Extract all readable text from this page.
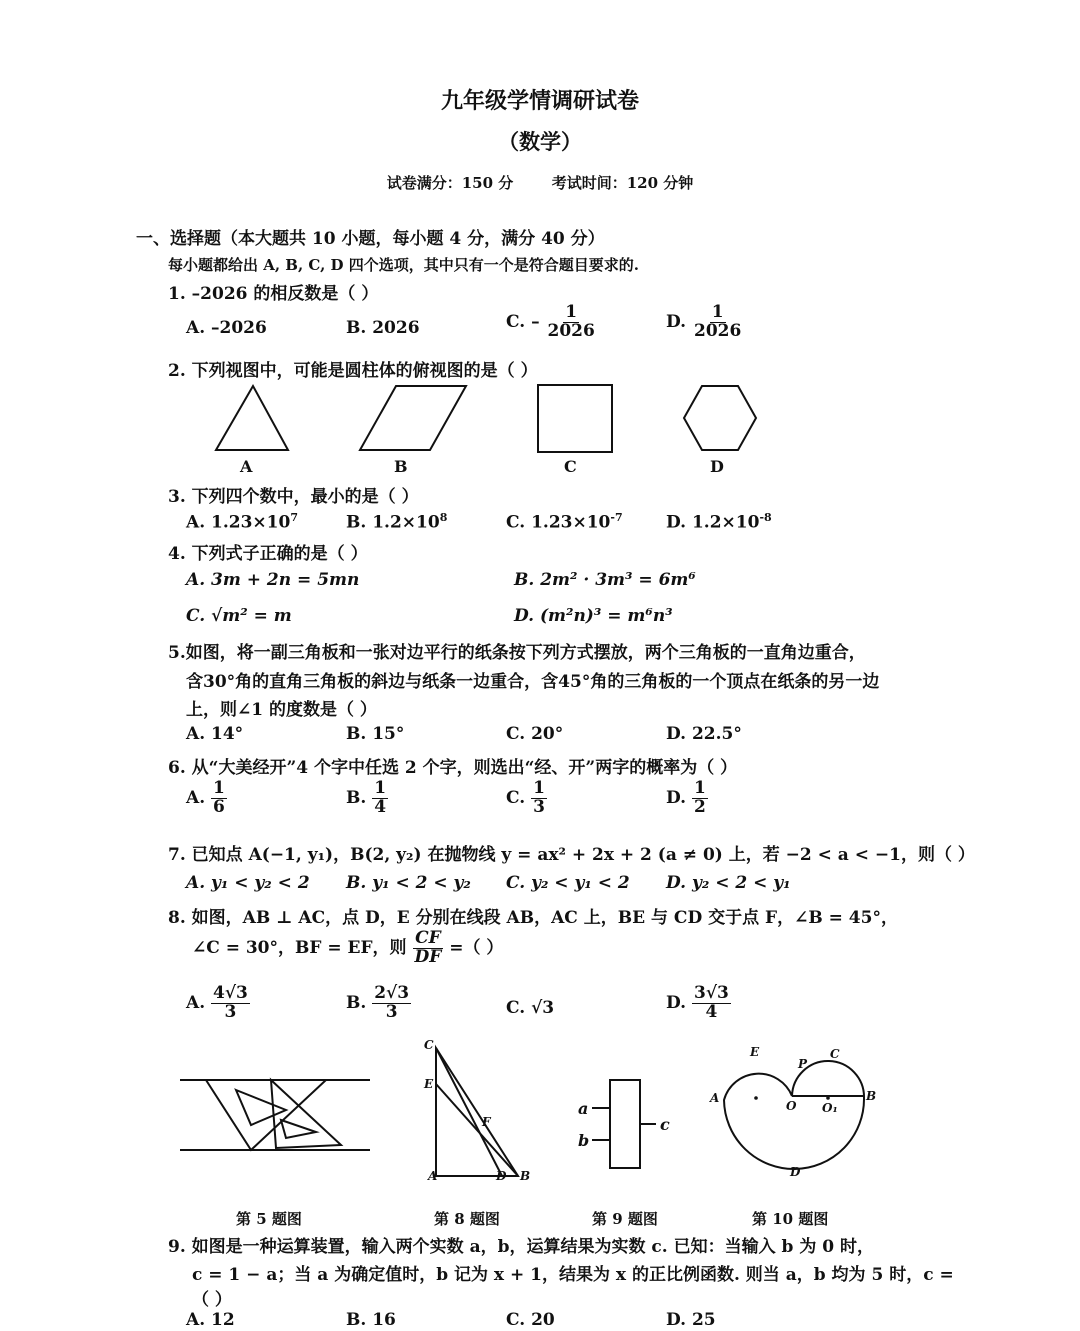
九年级学情调研试卷
（数学）
试卷满分：150 分	考试时间：120 分钟
一、选择题（本大题共 10 小题，每小题 4 分，满分 40 分）
每小题都给出 A, B, C, D 四个选项，其中只有一个是符合题目要求的.
1. –2026 的相反数是（ ）
A. –2026	B. 2026	C. – $\frac{1}{2026}$	D. $\frac{1}{2026}$
2. 下列视图中，可能是圆柱体的俯视图的是（ ）
A	B	C	D
3. 下列四个数中，最小的是（ ）
A. $1.23\times 10^7$	B. $1.2\times 10^8$	C. $1.23\times 10^{-7}$	D. $1.2\times 10^{-8}$
4. 下列式子正确的是（ ）
A. 3m + 2n = 5mn	B. 2m² · 3m³ = 6m⁶
C. √m² = m	D. (m²n)³ = m⁶n³
5.如图，将一副三角板和一张对边平行的纸条按下列方式摆放，两个三角板的一直角边重合，
含30°角的直角三角板的斜边与纸条一边重合，含45°角的三角板的一个顶点在纸条的另一边
上，则∠1 的度数是（ ）
A. 14°	B. 15°	C. 20°	D. 22.5°
6. 从“大美经开”4 个字中任选 2 个字，则选出“经、开”两字的概率为（ ）
A. $\frac{1}{6}$	B. $\frac{1}{4}$	C. $\frac{1}{3}$	D. $\frac{1}{2}$
7. 已知点 A(−1, y₁)，B(2, y₂) 在抛物线 y = ax² + 2x + 2 (a ≠ 0) 上，若 −2 < a < −1，则（ ）
A. y₁ < y₂ < 2 B. y₁ < 2 < y₂ C. y₂ < y₁ < 2 D. y₂ < 2 < y₁
8. 如图，AB ⊥ AC，点 D，E 分别在线段 AB，AC 上，BE 与 CD 交于点 F，∠B = 45°，
∠C = 30°，BF = EF，则 $\frac{CF}{DF}$ =（ ）
A. $\frac{4√3}{3}$	B. $\frac{2√3}{3}$	C. √3	D. $\frac{3√3}{4}$
C
E
F
A	D B
a
b
c
E
P
C
A
O O₁
B
D
第 5 题图	第 8 题图	第 9 题图	第 10 题图
9. 如图是一种运算装置，输入两个实数 a，b，运算结果为实数 c. 已知：当输入 b 为 0 时，
c = 1 − a；当 a 为确定值时，b 记为 x + 1，结果为 x 的正比例函数. 则当 a，b 均为 5 时，c =
（ ）
A. 12	B. 16	C. 20	D. 25
